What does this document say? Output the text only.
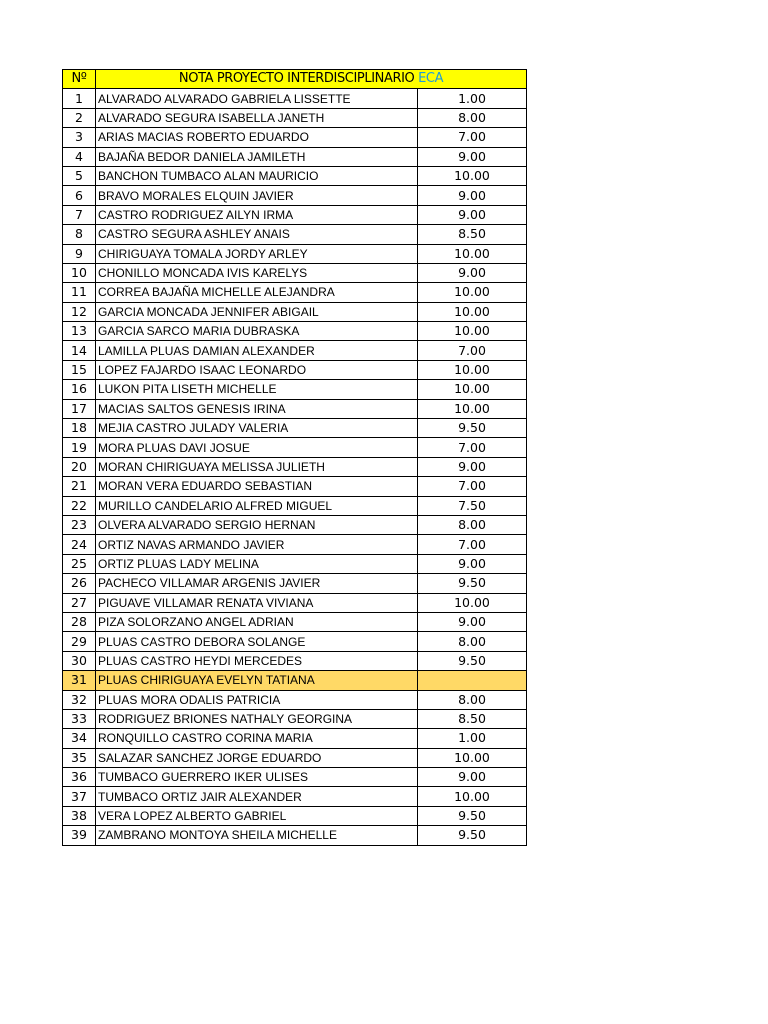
Nº	NOTA PROYECTO INTERDISCIPLINARIO ECA	
1	ALVARADO ALVARADO GABRIELA LISSETTE	1.00
2	ALVARADO SEGURA ISABELLA JANETH	8.00
3	ARIAS MACIAS ROBERTO EDUARDO	7.00
4	BAJAÑA BEDOR DANIELA JAMILETH	9.00
5	BANCHON TUMBACO ALAN MAURICIO	10.00
6	BRAVO MORALES ELQUIN JAVIER	9.00
7	CASTRO RODRIGUEZ AILYN IRMA	9.00
8	CASTRO SEGURA ASHLEY ANAIS	8.50
9	CHIRIGUAYA TOMALA JORDY ARLEY	10.00
10	CHONILLO MONCADA IVIS KARELYS	9.00
11	CORREA BAJAÑA MICHELLE ALEJANDRA	10.00
12	GARCIA MONCADA JENNIFER ABIGAIL	10.00
13	GARCIA SARCO MARIA DUBRASKA	10.00
14	LAMILLA PLUAS DAMIAN ALEXANDER	7.00
15	LOPEZ FAJARDO ISAAC LEONARDO	10.00
16	LUKON PITA LISETH MICHELLE	10.00
17	MACIAS SALTOS GENESIS IRINA	10.00
18	MEJIA CASTRO JULADY VALERIA	9.50
19	MORA PLUAS DAVI JOSUE	7.00
20	MORAN CHIRIGUAYA MELISSA JULIETH	9.00
21	MORAN VERA EDUARDO SEBASTIAN	7.00
22	MURILLO CANDELARIO ALFRED MIGUEL	7.50
23	OLVERA ALVARADO SERGIO HERNAN	8.00
24	ORTIZ NAVAS ARMANDO JAVIER	7.00
25	ORTIZ PLUAS LADY MELINA	9.00
26	PACHECO VILLAMAR ARGENIS JAVIER	9.50
27	PIGUAVE VILLAMAR RENATA VIVIANA	10.00
28	PIZA SOLORZANO ANGEL ADRIAN	9.00
29	PLUAS CASTRO DEBORA SOLANGE	8.00
30	PLUAS CASTRO HEYDI MERCEDES	9.50
31	PLUAS CHIRIGUAYA EVELYN TATIANA	
32	PLUAS MORA ODALIS PATRICIA	8.00
33	RODRIGUEZ BRIONES NATHALY GEORGINA	8.50
34	RONQUILLO CASTRO CORINA MARIA	1.00
35	SALAZAR SANCHEZ JORGE EDUARDO	10.00
36	TUMBACO GUERRERO IKER ULISES	9.00
37	TUMBACO ORTIZ JAIR ALEXANDER	10.00
38	VERA LOPEZ ALBERTO GABRIEL	9.50
39	ZAMBRANO MONTOYA SHEILA MICHELLE	9.50
